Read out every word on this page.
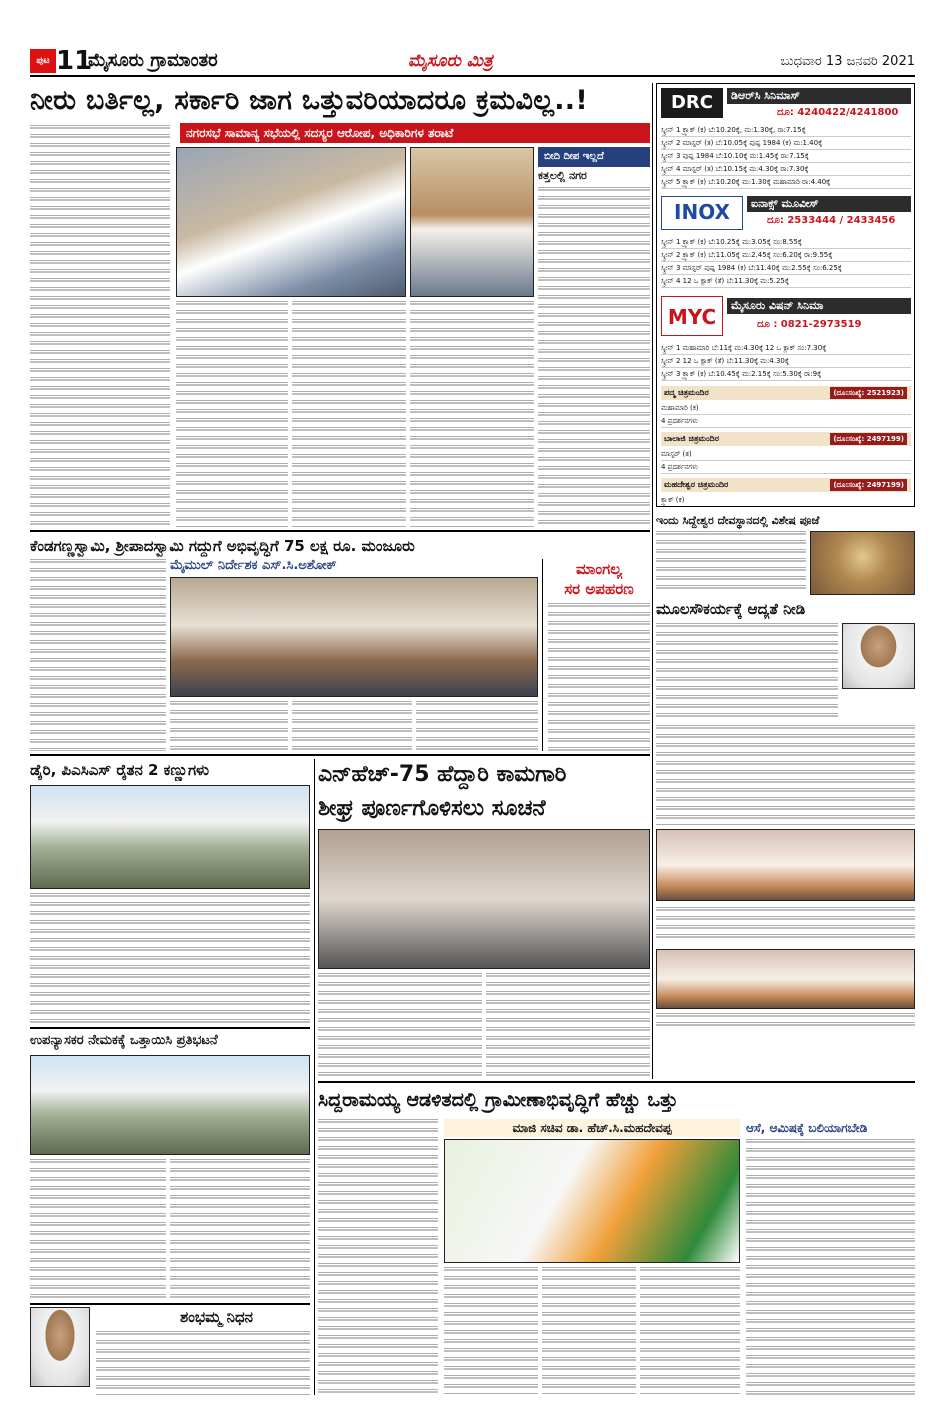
ಪುಟ 11
ಮೈಸೂರು ಗ್ರಾಮಾಂತರ	ಮೈಸೂರು ಮಿತ್ರ	ಬುಧವಾರ 13 ಜನವರಿ 2021
ನೀರು ಬರ್ತಿಲ್ಲ, ಸರ್ಕಾರಿ ಜಾಗ ಒತ್ತುವರಿಯಾದರೂ ಕ್ರಮವಿಲ್ಲ..!
ನಗರಸಭೆ ಸಾಮಾನ್ಯ ಸಭೆಯಲ್ಲಿ ಸದಸ್ಯರ ಆರೋಪ, ಅಧಿಕಾರಿಗಳ ತರಾಟೆ
ಬೀದಿ ದೀಪ ಇಲ್ಲದೆ
ಕತ್ತಲಲ್ಲಿ ನಗರ
DRC	ಡಿಆರ್‌ಸಿ ಸಿನಿಮಾಸ್
ದೂ: 4240422/4241800
ಸ್ಕ್ರೀನ್ 1 ಕ್ರ್ಯಾಕ್ (ಕ) ಬೆ:10.20ಕ್ಕೆ, ಮ:1.30ಕ್ಕೆ, ರಾ:7.15ಕ್ಕೆ
ಸ್ಕ್ರೀನ್ 2 ಮಾಸ್ಟರ್ (ತ) ಬೆ:10.05ಕ್ಕೆ ಪುಷ್ಪ 1984 (ಕ) ಮ:1.40ಕ್ಕೆ
ಸ್ಕ್ರೀನ್ 3 ಪುಷ್ಪ 1984 ಬೆ:10.10ಕ್ಕೆ ಮ:1.45ಕ್ಕೆ ರಾ:7.15ಕ್ಕೆ
ಸ್ಕ್ರೀನ್ 4 ಮಾಸ್ಟರ್ (ತ) ಬೆ:10.15ಕ್ಕೆ ಮ:4.30ಕ್ಕೆ ರಾ:7.30ಕ್ಕೆ
ಸ್ಕ್ರೀನ್ 5 ಕ್ರ್ಯಾಕ್ (ಕ) ಬೆ:10.20ಕ್ಕೆ ಮ:1.30ಕ್ಕೆ ಮಹಾಮಾರಿ ರಾ:4.40ಕ್ಕೆ
INOX	ಐನಾಕ್ಸ್ ಮೂವೀಸ್
ದೂ: 2533444 / 2433456
ಸ್ಕ್ರೀನ್ 1 ಕ್ರ್ಯಾಕ್ (ಕ) ಬೆ:10.25ಕ್ಕೆ ಮ:3.05ಕ್ಕೆ ಸಂ:8.55ಕ್ಕೆ
ಸ್ಕ್ರೀನ್ 2 ಕ್ರ್ಯಾಕ್ (ಕ) ಬೆ:11.05ಕ್ಕೆ ಮ:2.45ಕ್ಕೆ ಸಂ:6.20ಕ್ಕೆ ರಾ:9.55ಕ್ಕೆ
ಸ್ಕ್ರೀನ್ 3 ಮಾಸ್ಟರ್ ಪುಷ್ಪ 1984 (ಕ) ಬೆ:11.40ಕ್ಕೆ ಮ:2.55ಕ್ಕೆ ಸಂ:6.25ಕ್ಕೆ
ಸ್ಕ್ರೀನ್ 4 12 ಒ ಕ್ಲಾಕ್ (ತೆ) ಬೆ:11.30ಕ್ಕೆ ಮ:5.25ಕ್ಕೆ
MYC	ಮೈಸೂರು ವಿಷನ್ ಸಿನಿಮಾ
ದೂ : 0821-2973519
ಸ್ಕ್ರೀನ್ 1 ಮಹಾಮಾರಿ ಬೆ:11ಕ್ಕೆ ಮ:4.30ಕ್ಕೆ 12 ಒ ಕ್ಲಾಕ್ ಸಂ:7.30ಕ್ಕೆ
ಸ್ಕ್ರೀನ್ 2 12 ಒ ಕ್ಲಾಕ್ (ತೆ) ಬೆ:11.30ಕ್ಕೆ ಮ:4.30ಕ್ಕೆ
ಸ್ಕ್ರೀನ್ 3 ಕ್ರ್ಯಾಕ್ (ಕ) ಬೆ:10.45ಕ್ಕೆ ಮ:2.15ಕ್ಕೆ ಸಂ:5.30ಕ್ಕೆ ರಾ:9ಕ್ಕೆ
ಪದ್ಮ ಚಿತ್ರಮಂದಿರ	(ದೂ:ಸಂಖ್ಯೆ: 2521923)
ಮಹಾಮಾರಿ (ಕ)
4 ಪ್ರದರ್ಶನಗಳು
ಬಾಲಾಜಿ ಚಿತ್ರಮಂದಿರ	(ದೂ:ಸಂಖ್ಯೆ: 2497199)
ಮಾಸ್ಟರ್ (ತ)
4 ಪ್ರದರ್ಶನಗಳು
ಮಹದೇಶ್ವರ ಚಿತ್ರಮಂದಿರ	(ದೂ:ಸಂಖ್ಯೆ: 2497199)
ಕ್ರ್ಯಾಕ್ (ಕ)
ಕೆಂಡಗಣ್ಣಸ್ವಾಮಿ, ಶ್ರೀಪಾದಸ್ವಾಮಿ ಗದ್ದುಗೆ ಅಭಿವೃದ್ಧಿಗೆ 75 ಲಕ್ಷ ರೂ. ಮಂಜೂರು
ಮೈಮುಲ್ ನಿರ್ದೇಶಕ ಎಸ್.ಸಿ.ಅಶೋಕ್	ಮಾಂಗಲ್ಯ
ಸರ ಅಪಹರಣ
ಇಂದು ಸಿದ್ದೇಶ್ವರ ದೇವಸ್ಥಾನದಲ್ಲಿ ವಿಶೇಷ ಪೂಜೆ
ಮೂಲಸೌಕರ್ಯಕ್ಕೆ ಆದ್ಯತೆ ನೀಡಿ
ಡೈರಿ, ಪಿಎಸಿಎಸ್ ರೈತನ 2 ಕಣ್ಣುಗಳು	ಎನ್‌ಹೆಚ್-75 ಹೆದ್ದಾರಿ ಕಾಮಗಾರಿ
ಶೀಘ್ರ ಪೂರ್ಣಗೊಳಿಸಲು ಸೂಚನೆ
ಉಪನ್ಯಾಸಕರ ನೇಮಕಕ್ಕೆ ಒತ್ತಾಯಿಸಿ ಪ್ರತಿಭಟನೆ
ಸಿದ್ದರಾಮಯ್ಯ ಆಡಳಿತದಲ್ಲಿ ಗ್ರಾಮೀಣಾಭಿವೃದ್ಧಿಗೆ ಹೆಚ್ಚು ಒತ್ತು
ಮಾಜಿ ಸಚಿವ ಡಾ. ಹೆಚ್.ಸಿ.ಮಹದೇವಪ್ಪ	ಆಸೆ, ಆಮಿಷಕ್ಕೆ ಬಲಿಯಾಗಬೇಡಿ
ಶಂಭಮ್ಮ ನಿಧನ
